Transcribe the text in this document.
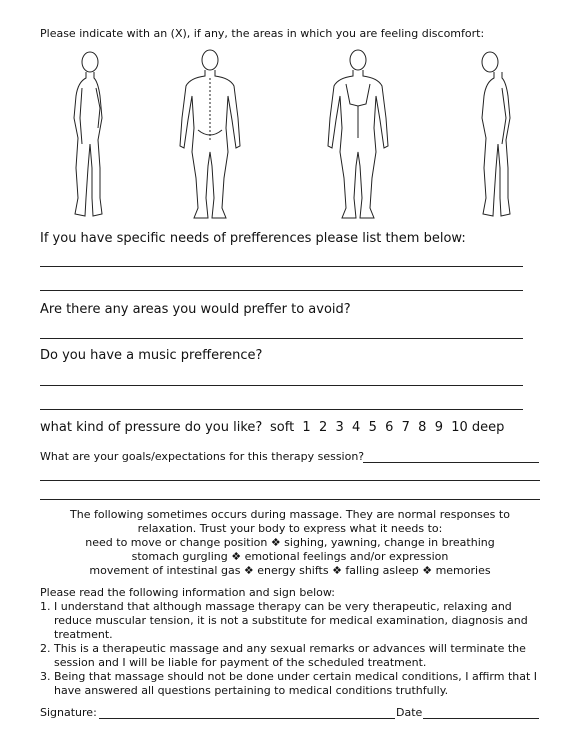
Please indicate with an (X), if any, the areas in which you are feeling discomfort:
If you have specific needs of prefferences please list them below:
Are there any areas you would preffer to avoid?
Do you have a music prefference?
what kind of pressure do you like? soft  1  2  3  4  5  6  7  8  9  10 deep
What are your goals/expectations for this therapy session?
The following sometimes occurs during massage. They are normal responses to
relaxation. Trust your body to express what it needs to:
need to move or change position ❖ sighing, yawning, change in breathing
stomach gurgling ❖ emotional feelings and/or expression
movement of intestinal gas ❖ energy shifts ❖ falling asleep ❖ memories
Please read the following information and sign below:
1. I understand that although massage therapy can be very therapeutic, relaxing and reduce muscular tension, it is not a substitute for medical examination, diagnosis and treatment.
2. This is a therapeutic massage and any sexual remarks or advances will terminate the session and I will be liable for payment of the scheduled treatment.
3. Being that massage should not be done under certain medical conditions, I affirm that I have answered all questions pertaining to medical conditions truthfully.
Signature:	Date
